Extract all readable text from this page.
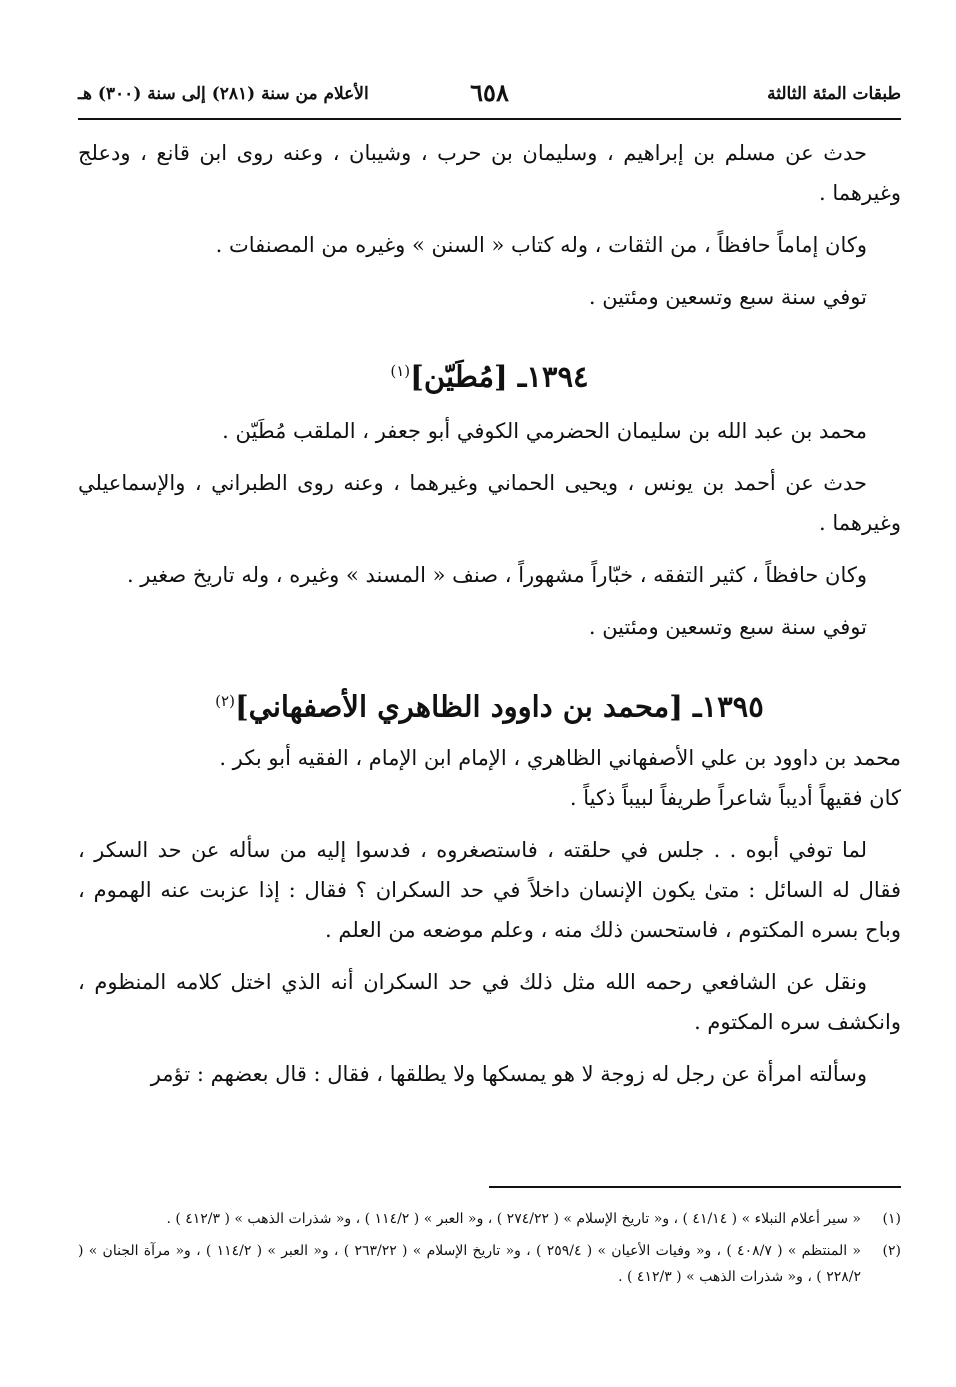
طبقات المئة الثالثة
٦٥٨
الأعلام من سنة (٢٨١) إلى سنة (٣٠٠) هـ

حدث عن مسلم بن إبراهيم ، وسليمان بن حرب ، وشيبان ، وعنه روى ابن قانع ، ودعلج وغيرهما .

وكان إماماً حافظاً ، من الثقات ، وله كتاب « السنن » وغيره من المصنفات .

توفي سنة سبع وتسعين ومئتين .

١٣٩٤ـ [مُطَيّن]$^{(١)}$

محمد بن عبد الله بن سليمان الحضرمي الكوفي أبو جعفر ، الملقب مُطَيّن .

حدث عن أحمد بن يونس ، ويحيى الحماني وغيرهما ، وعنه روى الطبراني ، والإسماعيلي وغيرهما .

وكان حافظاً ، كثير التفقه ، خبّاراً مشهوراً ، صنف « المسند » وغيره ، وله تاريخ صغير .

توفي سنة سبع وتسعين ومئتين .

١٣٩٥ـ [محمد بن داوود الظاهري الأصفهاني]$^{(٢)}$

محمد بن داوود بن علي الأصفهاني الظاهري ، الإمام ابن الإمام ، الفقيه أبو بكر .

كان فقيهاً أديباً شاعراً طريفاً لبيباً ذكياً .

لما توفي أبوه . . جلس في حلقته ، فاستصغروه ، فدسوا إليه من سأله عن حد السكر ، فقال له السائل : متىٰ يكون الإنسان داخلاً في حد السكران ؟ فقال : إذا عزبت عنه الهموم ، وباح بسره المكتوم ، فاستحسن ذلك منه ، وعلم موضعه من العلم .

ونقل عن الشافعي رحمه الله مثل ذلك في حد السكران أنه الذي اختل كلامه المنظوم ، وانكشف سره المكتوم .

وسألته امرأة عن رجل له زوجة لا هو يمسكها ولا يطلقها ، فقال : قال بعضهم : تؤمر

(١)
« سير أعلام النبلاء » ( ٤١/١٤ ) ، و« تاريخ الإسلام » ( ٢٧٤/٢٢ ) ، و« العبر » ( ١١٤/٢ ) ، و« شذرات الذهب » ( ٤١٢/٣ ) .

(٢)
« المنتظم » ( ٤٠٨/٧ ) ، و« وفيات الأعيان » ( ٢٥٩/٤ ) ، و« تاريخ الإسلام » ( ٢٦٣/٢٢ ) ، و« العبر » ( ١١٤/٢ ) ، و« مرآة الجنان » ( ٢٢٨/٢ ) ، و« شذرات الذهب » ( ٤١٢/٣ ) .
